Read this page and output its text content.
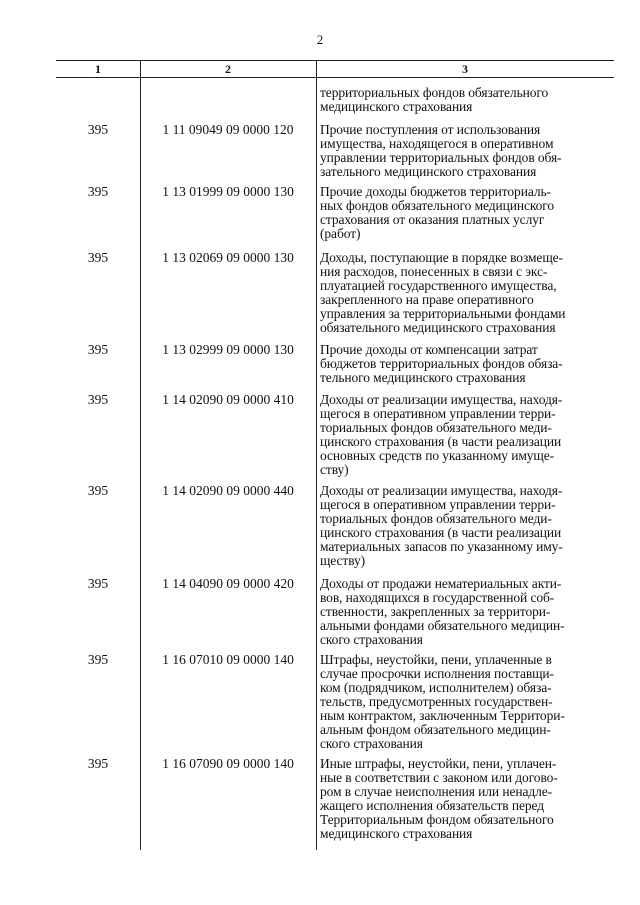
2
1	2	3
территориальных фондов обязательного
медицинского страхования
395	1 11 09049 09 0000 120	Прочие поступления от использования
имущества, находящегося в оперативном
управлении территориальных фондов обя-
зательного медицинского страхования
395	1 13 01999 09 0000 130	Прочие доходы бюджетов территориаль-
ных фондов обязательного медицинского
страхования от оказания платных услуг
(работ)
395	1 13 02069 09 0000 130	Доходы, поступающие в порядке возмеще-
ния расходов, понесенных в связи с экс-
плуатацией государственного имущества,
закрепленного на праве оперативного
управления за территориальными фондами
обязательного медицинского страхования
395	1 13 02999 09 0000 130	Прочие доходы от компенсации затрат
бюджетов территориальных фондов обяза-
тельного медицинского страхования
395	1 14 02090 09 0000 410	Доходы от реализации имущества, находя-
щегося в оперативном управлении терри-
ториальных фондов обязательного меди-
цинского страхования (в части реализации
основных средств по указанному имуще-
ству)
395	1 14 02090 09 0000 440	Доходы от реализации имущества, находя-
щегося в оперативном управлении терри-
ториальных фондов обязательного меди-
цинского страхования (в части реализации
материальных запасов по указанному иму-
ществу)
395	1 14 04090 09 0000 420	Доходы от продажи нематериальных акти-
вов, находящихся в государственной соб-
ственности, закрепленных за территори-
альными фондами обязательного медицин-
ского страхования
395	1 16 07010 09 0000 140	Штрафы, неустойки, пени, уплаченные в
случае просрочки исполнения поставщи-
ком (подрядчиком, исполнителем) обяза-
тельств, предусмотренных государствен-
ным контрактом, заключенным Территори-
альным фондом обязательного медицин-
ского страхования
395	1 16 07090 09 0000 140	Иные штрафы, неустойки, пени, уплачен-
ные в соответствии с законом или догово-
ром в случае неисполнения или ненадле-
жащего исполнения обязательств перед
Территориальным фондом обязательного
медицинского страхования
